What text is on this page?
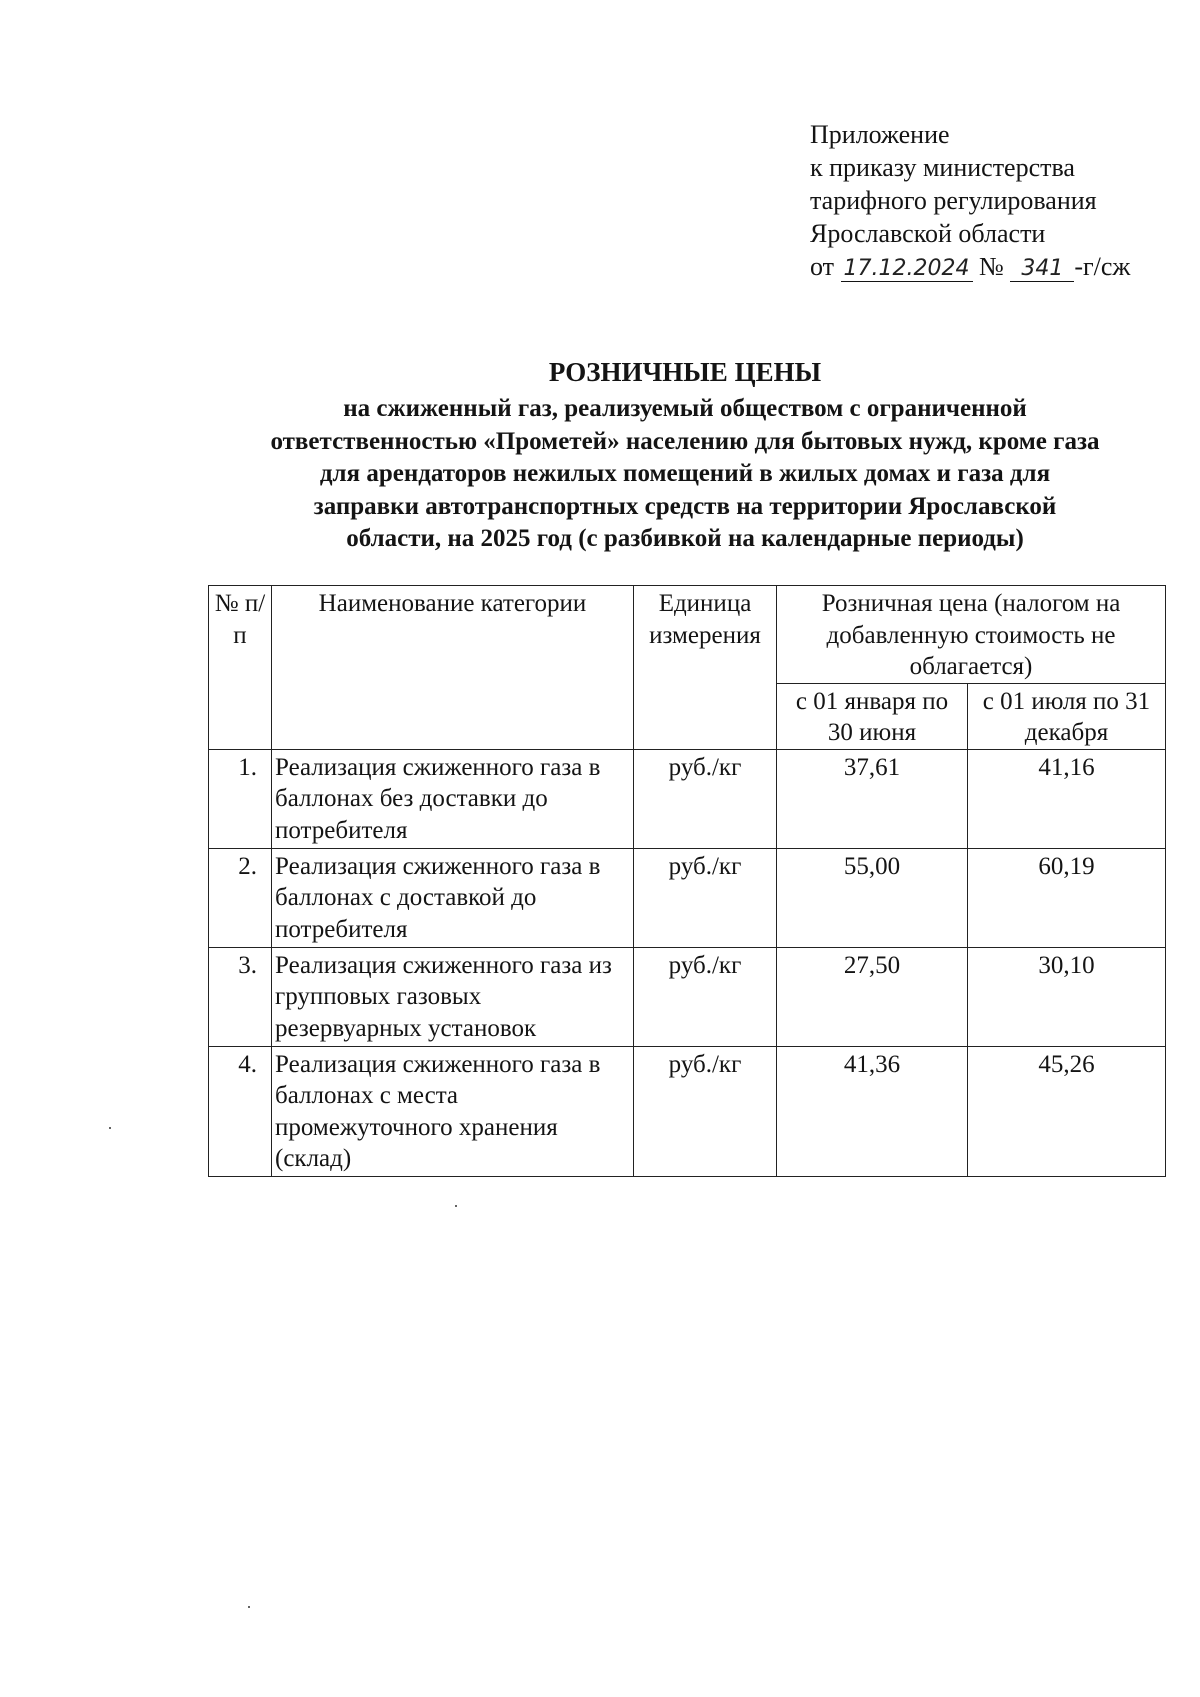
Приложение
к приказу министерства
тарифного регулирования
Ярославской области
от 17.12.2024 № 341 -г/сж
РОЗНИЧНЫЕ ЦЕНЫ
на сжиженный газ, реализуемый обществом с ограниченной
ответственностью «Прометей» населению для бытовых нужд, кроме газа
для арендаторов нежилых помещений в жилых домах и газа для
заправки автотранспортных средств на территории Ярославской
области, на 2025 год (с разбивкой на календарные периоды)
№ п/п	Наименование категории	Единица измерения	Розничная цена (налогом на добавленную стоимость не облагается)	
			с 01 января по 30 июня	с 01 июля по 31 декабря
1.	Реализация сжиженного газа в баллонах без доставки до потребителя	руб./кг	37,61	41,16
2.	Реализация сжиженного газа в баллонах с доставкой до потребителя	руб./кг	55,00	60,19
3.	Реализация сжиженного газа из групповых газовых резервуарных установок	руб./кг	27,50	30,10
4.	Реализация сжиженного газа в баллонах с места промежуточного хранения (склад)	руб./кг	41,36	45,26
